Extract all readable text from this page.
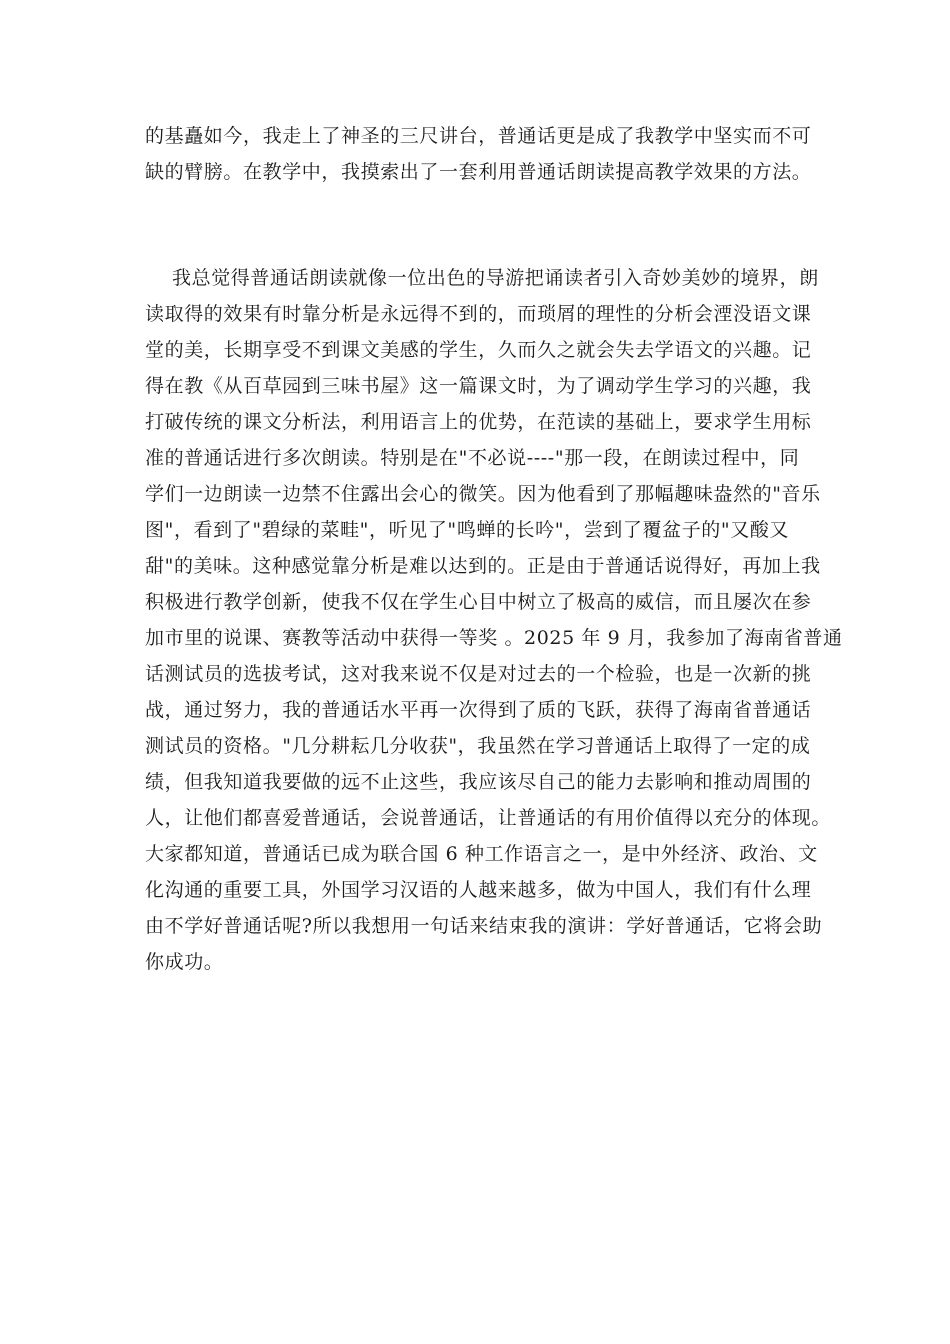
的基矗如今，我走上了神圣的三尺讲台，普通话更是成了我教学中坚实而不可

缺的臂膀。在教学中，我摸索出了一套利用普通话朗读提高教学效果的方法。

我总觉得普通话朗读就像一位出色的导游把诵读者引入奇妙美妙的境界，朗

读取得的效果有时靠分析是永远得不到的，而琐屑的理性的分析会湮没语文课

堂的美，长期享受不到课文美感的学生，久而久之就会失去学语文的兴趣。记

得在教《从百草园到三味书屋》这一篇课文时，为了调动学生学习的兴趣，我

打破传统的课文分析法，利用语言上的优势，在范读的基础上，要求学生用标

准的普通话进行多次朗读。特别是在"不必说----"那一段，在朗读过程中，同

学们一边朗读一边禁不住露出会心的微笑。因为他看到了那幅趣味盎然的"音乐

图"，看到了"碧绿的菜畦"，听见了"鸣蝉的长吟"，尝到了覆盆子的"又酸又

甜"的美味。这种感觉靠分析是难以达到的。正是由于普通话说得好，再加上我

积极进行教学创新，使我不仅在学生心目中树立了极高的威信，而且屡次在参

加市里的说课、赛教等活动中获得一等奖 。2025 年 9 月，我参加了海南省普通

话测试员的选拔考试，这对我来说不仅是对过去的一个检验，也是一次新的挑

战，通过努力，我的普通话水平再一次得到了质的飞跃，获得了海南省普通话

测试员的资格。"几分耕耘几分收获"，我虽然在学习普通话上取得了一定的成

绩，但我知道我要做的远不止这些，我应该尽自己的能力去影响和推动周围的

人，让他们都喜爱普通话，会说普通话，让普通话的有用价值得以充分的体现。

大家都知道，普通话已成为联合国 6 种工作语言之一，是中外经济、政治、文

化沟通的重要工具，外国学习汉语的人越来越多，做为中国人，我们有什么理

由不学好普通话呢?所以我想用一句话来结束我的演讲：学好普通话，它将会助

你成功。
